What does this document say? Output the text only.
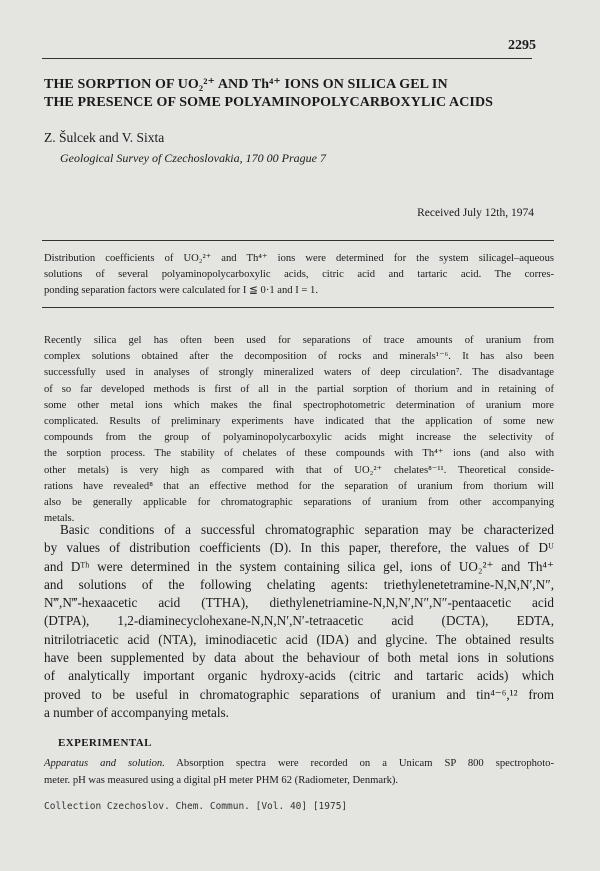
2295
THE SORPTION OF UO₂²⁺ AND Th⁴⁺ IONS ON SILICA GEL IN
THE PRESENCE OF SOME POLYAMINOPOLYCARBOXYLIC ACIDS
Z. Šulcek and V. Sixta
Geological Survey of Czechoslovakia, 170 00 Prague 7
Received July 12th, 1974
Distribution coefficients of UO₂²⁺ and Th⁴⁺ ions were determined for the system silicagel–aqueous
solutions of several polyaminopolycarboxylic acids, citric acid and tartaric acid. The corres-
ponding separation factors were calculated for I ≦ 0·1 and I = 1.
Recently silica gel has often been used for separations of trace amounts of uranium from
complex solutions obtained after the decomposition of rocks and minerals¹⁻⁶. It has also been
successfully used in analyses of strongly mineralized waters of deep circulation⁷. The disadvantage
of so far developed methods is first of all in the partial sorption of thorium and in retaining of
some other metal ions which makes the final spectrophotometric determination of uranium more
complicated. Results of preliminary experiments have indicated that the application of some new
compounds from the group of polyaminopolycarboxylic acids might increase the selectivity of
the sorption process. The stability of chelates of these compounds with Th⁴⁺ ions (and also with
other metals) is very high as compared with that of UO₂²⁺ chelates⁸⁻¹¹. Theoretical conside-
rations have revealed⁸ that an effective method for the separation of uranium from thorium will
also be generally applicable for chromatographic separations of uranium from other accompanying
metals.
Basic conditions of a successful chromatographic separation may be characterized
by values of distribution coefficients (D). In this paper, therefore, the values of Dᵁ
and Dᵀʰ were determined in the system containing silica gel, ions of UO₂²⁺ and Th⁴⁺
and solutions of the following chelating agents: triethylenetetramine-N,N,N′,N″,
N‴,N‴-hexaacetic acid (TTHA), diethylenetriamine-N,N,N′,N″,N″-pentaacetic acid
(DTPA), 1,2-diaminecyclohexane-N,N,N′,N′-tetraacetic acid (DCTA), EDTA,
nitrilotriacetic acid (NTA), iminodiacetic acid (IDA) and glycine. The obtained results
have been supplemented by data about the behaviour of both metal ions in solutions
of analytically important organic hydroxy-acids (citric and tartaric acids) which
proved to be useful in chromatographic separations of uranium and tin⁴⁻⁶,¹² from
a number of accompanying metals.
EXPERIMENTAL
Apparatus and solution. Absorption spectra were recorded on a Unicam SP 800 spectrophoto-
meter. pH was measured using a digital pH meter PHM 62 (Radiometer, Denmark).
Collection Czechoslov. Chem. Commun. [Vol. 40] [1975]
